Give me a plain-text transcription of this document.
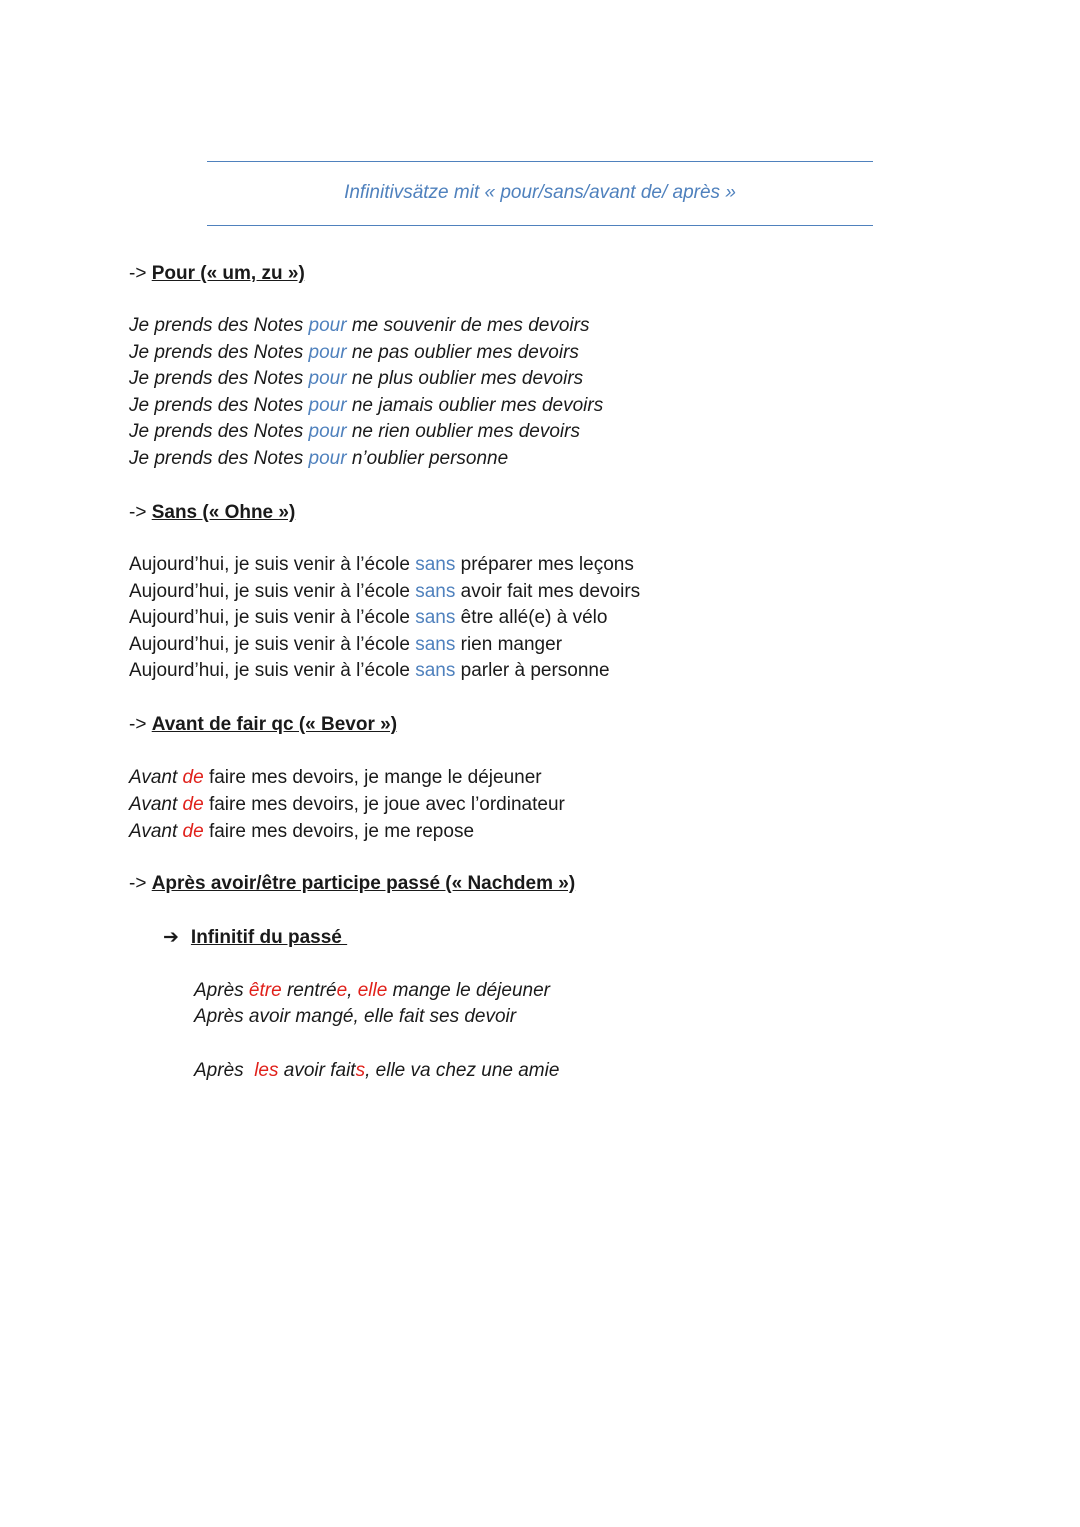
Infinitivsätze mit « pour/sans/avant de/ après »
-> Pour (« um, zu »)
Je prends des Notes pour me souvenir de mes devoirs
Je prends des Notes pour ne pas oublier mes devoirs
Je prends des Notes pour ne plus oublier mes devoirs
Je prends des Notes pour ne jamais oublier mes devoirs
Je prends des Notes pour ne rien oublier mes devoirs
Je prends des Notes pour n’oublier personne
-> Sans (« Ohne »)
Aujourd’hui, je suis venir à l’école sans préparer mes leçons
Aujourd’hui, je suis venir à l’école sans avoir fait mes devoirs
Aujourd’hui, je suis venir à l’école sans être allé(e) à vélo
Aujourd’hui, je suis venir à l’école sans rien manger
Aujourd’hui, je suis venir à l’école sans parler à personne
-> Avant de fair qc (« Bevor »)
Avant de faire mes devoirs, je mange le déjeuner
Avant de faire mes devoirs, je joue avec l’ordinateur
Avant de faire mes devoirs, je me repose
-> Après avoir/être participe passé (« Nachdem »)
➔ Infinitif du passé
Après être rentrée, elle mange le déjeuner
Après avoir mangé, elle fait ses devoir
Après  les avoir faits, elle va chez une amie
